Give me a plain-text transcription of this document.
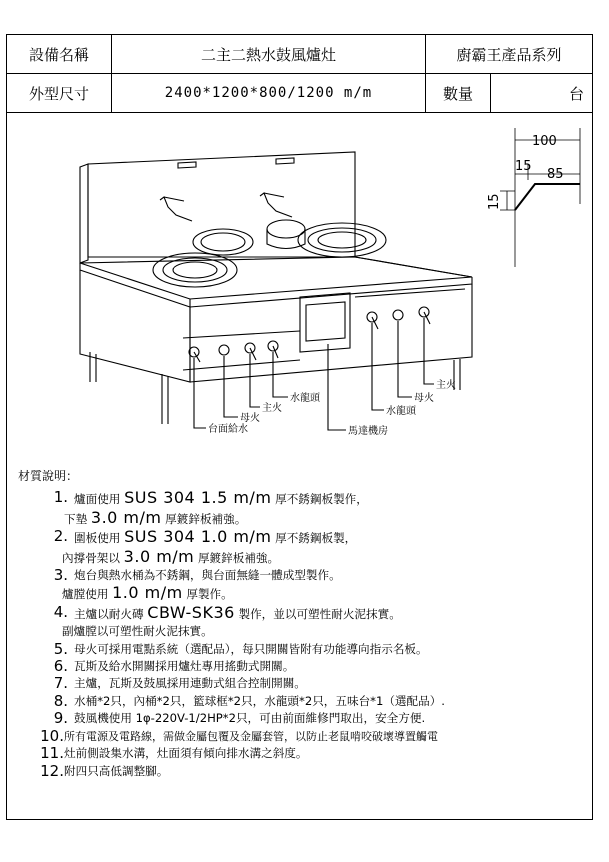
設備名稱	二主二熱水鼓風爐灶	廚霸王產品系列	
外型尺寸	2400*1200*800/1200 m/m	數量	台
台面給水
母火
主火
水龍頭
馬達機房
水龍頭
母火
主火
100
15
85
15
材質說明：
1. 爐面使用 SUS 304 1.5 m/m 厚不銹鋼板製作，
下墊 3.0 m/m 厚鍍鋅板補強。
2. 圍板使用 SUS 304 1.0 m/m 厚不銹鋼板製，
內撐骨架以 3.0 m/m 厚鍍鋅板補強。
3. 炮台與熱水桶為不銹鋼，與台面無縫一體成型製作。
爐膛使用 1.0 m/m 厚製作。
4. 主爐以耐火磚 CBW-SK36 製作，並以可塑性耐火泥抹實。
副爐膛以可塑性耐火泥抹實。
5. 母火可採用電點系統（選配品），每只開關皆附有功能導向指示名板。
6. 瓦斯及給水開關採用爐灶專用搖動式開關。
7. 主爐，瓦斯及鼓風採用連動式組合控制開關。
8. 水桶*2只，內桶*2只，籃球框*2只，水龍頭*2只，五味台*1（選配品）.
9. 鼓風機使用 1φ-220V-1/2HP*2只，可由前面維修門取出，安全方便.
10. 所有電源及電路線，需做金屬包覆及金屬套管，以防止老鼠啃咬破壞導置觸電
11. 灶前側設集水溝，灶面須有傾向排水溝之斜度。
12. 附四只高低調整腳。
